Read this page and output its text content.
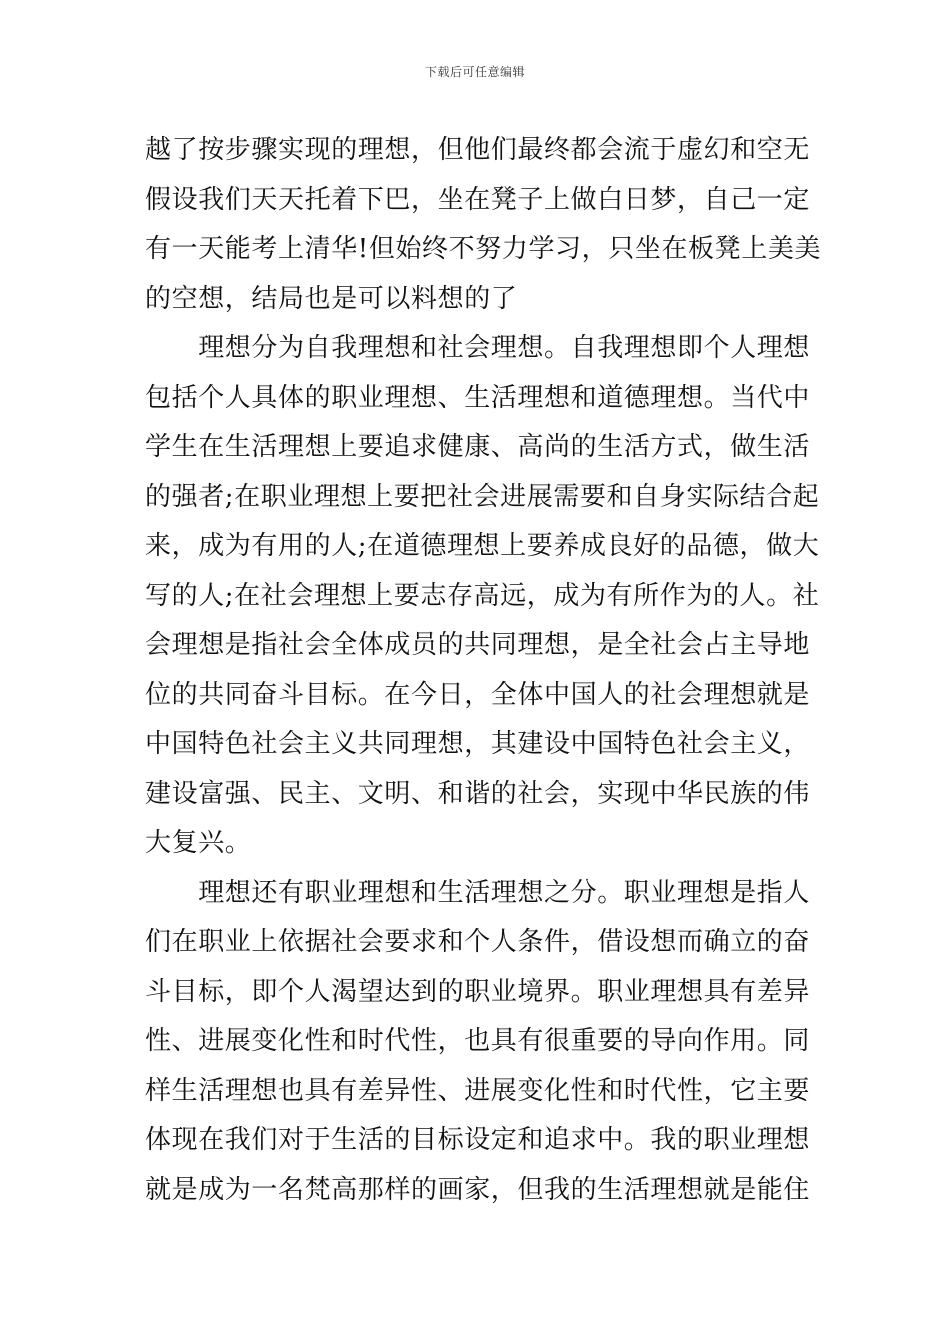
下载后可任意编辑
越了按步骤实现的理想，但他们最终都会流于虚幻和空无
假设我们天天托着下巴，坐在凳子上做白日梦，自己一定
有一天能考上清华!但始终不努力学习，只坐在板凳上美美
的空想，结局也是可以料想的了
　　理想分为自我理想和社会理想。自我理想即个人理想
包括个人具体的职业理想、生活理想和道德理想。当代中
学生在生活理想上要追求健康、高尚的生活方式，做生活
的强者;在职业理想上要把社会进展需要和自身实际结合起
来，成为有用的人;在道德理想上要养成良好的品德，做大
写的人;在社会理想上要志存高远，成为有所作为的人。社
会理想是指社会全体成员的共同理想，是全社会占主导地
位的共同奋斗目标。在今日，全体中国人的社会理想就是
中国特色社会主义共同理想，其建设中国特色社会主义，
建设富强、民主、文明、和谐的社会，实现中华民族的伟
大复兴。
　　理想还有职业理想和生活理想之分。职业理想是指人
们在职业上依据社会要求和个人条件，借设想而确立的奋
斗目标，即个人渴望达到的职业境界。职业理想具有差异
性、进展变化性和时代性，也具有很重要的导向作用。同
样生活理想也具有差异性、进展变化性和时代性，它主要
体现在我们对于生活的目标设定和追求中。我的职业理想
就是成为一名梵高那样的画家，但我的生活理想就是能住
